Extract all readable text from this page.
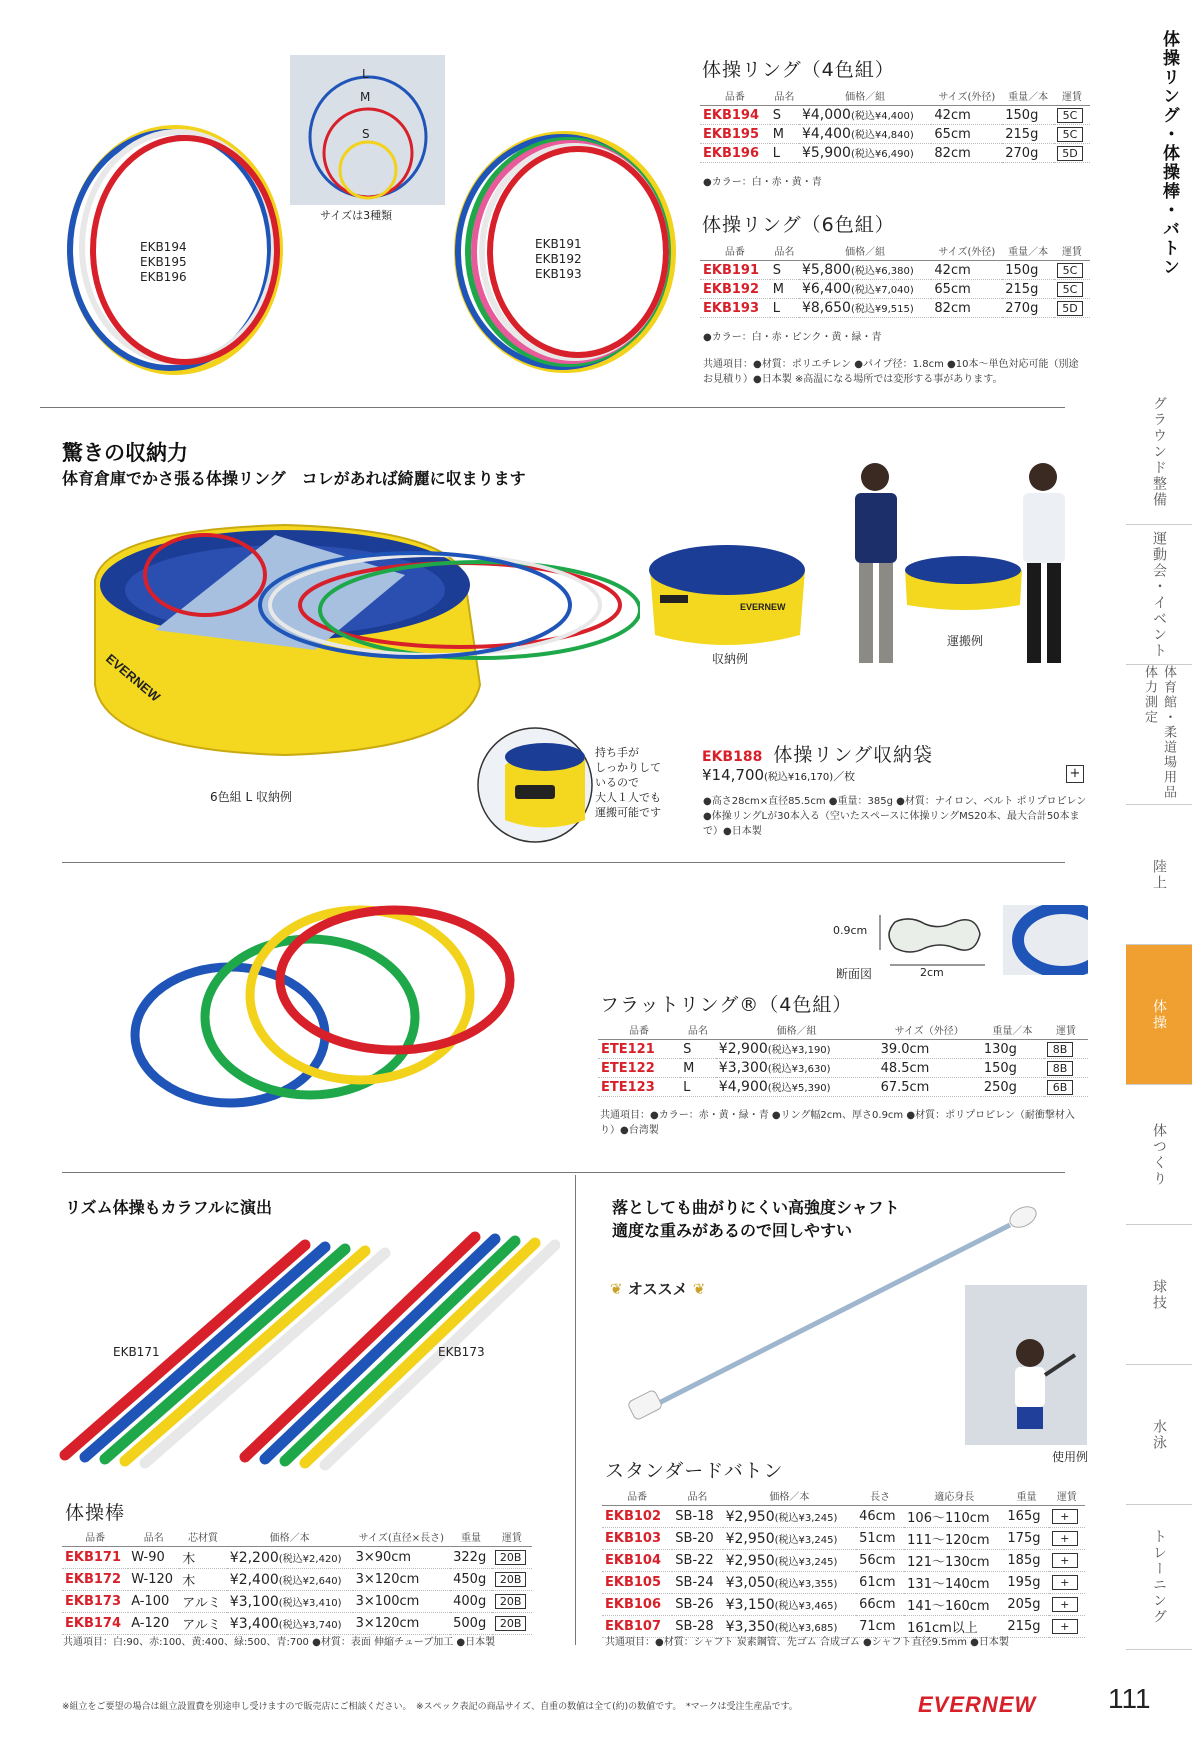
体操リング・体操棒・バトン
グラウンド整備
運動会・イベント
体育館・柔道場用品 体力測定
陸上
体操
体つくり
球技
水泳
トレーニング
EKB194
EKB195
EKB196
L
M
S
サイズは3種類
EKB191
EKB192
EKB193
体操リング（4色組）
品番	品名	価格／組	サイズ(外径)	重量／本	運賃
EKB194	S	¥4,000(税込¥4,400)	42cm	150g	5C
EKB195	M	¥4,400(税込¥4,840)	65cm	215g	5C
EKB196	L	¥5,900(税込¥6,490)	82cm	270g	5D
●カラー：白・赤・黄・青
体操リング（6色組）
品番	品名	価格／組	サイズ(外径)	重量／本	運賃
EKB191	S	¥5,800(税込¥6,380)	42cm	150g	5C
EKB192	M	¥6,400(税込¥7,040)	65cm	215g	5C
EKB193	L	¥8,650(税込¥9,515)	82cm	270g	5D
●カラー：白・赤・ピンク・黄・緑・青
共通項目：●材質：ポリエチレン ●パイプ径：1.8cm ●10本〜単色対応可能（別途お見積り）●日本製 ※高温になる場所では変形する事があります。
驚きの収納力
体育倉庫でかさ張る体操リング　コレがあれば綺麗に収まります
EVERNEW
6色組 L 収納例
持ち手が
しっかりして
いるので
大人１人でも
運搬可能です
EVERNEW
収納例
運搬例
EKB188 体操リング収納袋
¥14,700(税込¥16,170)／枚	+
●高さ28cm×直径85.5cm ●重量：385g ●材質：ナイロン、ベルト ポリプロピレン ●体操リングLが30本入る（空いたスペースに体操リングMS20本、最大合計50本まで）●日本製
0.9cm
2cm
断面図
フラットリング®（4色組）
品番	品名	価格／組	サイズ（外径）	重量／本	運賃
ETE121	S	¥2,900(税込¥3,190)	39.0cm	130g	8B
ETE122	M	¥3,300(税込¥3,630)	48.5cm	150g	8B
ETE123	L	¥4,900(税込¥5,390)	67.5cm	250g	6B
共通項目：●カラー：赤・黄・緑・青 ●リング幅2cm、厚さ0.9cm ●材質：ポリプロピレン（耐衝撃材入り）●台湾製
リズム体操もカラフルに演出
EKB171	EKB173
体操棒
品番	品名	芯材質	価格／本	サイズ(直径×長さ)	重量	運賃
EKB171	W-90	木	¥2,200(税込¥2,420)	3×90cm	322g	20B
EKB172	W-120	木	¥2,400(税込¥2,640)	3×120cm	450g	20B
EKB173	A-100	アルミ	¥3,100(税込¥3,410)	3×100cm	400g	20B
EKB174	A-120	アルミ	¥3,400(税込¥3,740)	3×120cm	500g	20B
共通項目：白:90、赤:100、黄:400、緑:500、青:700 ●材質：表面 伸縮チューブ加工 ●日本製
落としても曲がりにくい高強度シャフト
適度な重みがあるので回しやすい
❦ オススメ ❦
使用例
スタンダードバトン
品番	品名	価格／本	長さ	適応身長	重量	運賃
EKB102	SB-18	¥2,950(税込¥3,245)	46cm	106〜110cm	165g	+
EKB103	SB-20	¥2,950(税込¥3,245)	51cm	111〜120cm	175g	+
EKB104	SB-22	¥2,950(税込¥3,245)	56cm	121〜130cm	185g	+
EKB105	SB-24	¥3,050(税込¥3,355)	61cm	131〜140cm	195g	+
EKB106	SB-26	¥3,150(税込¥3,465)	66cm	141〜160cm	205g	+
EKB107	SB-28	¥3,350(税込¥3,685)	71cm	161cm以上	215g	+
共通項目：●材質：シャフト 炭素鋼管、先ゴム 合成ゴム ●シャフト直径9.5mm ●日本製
※組立をご要望の場合は組立設置費を別途申し受けますので販売店にご相談ください。　※スペック表記の商品サイズ、自重の数値は全て(約)の数値です。　*マークは受注生産品です。	EVERNEW	111
